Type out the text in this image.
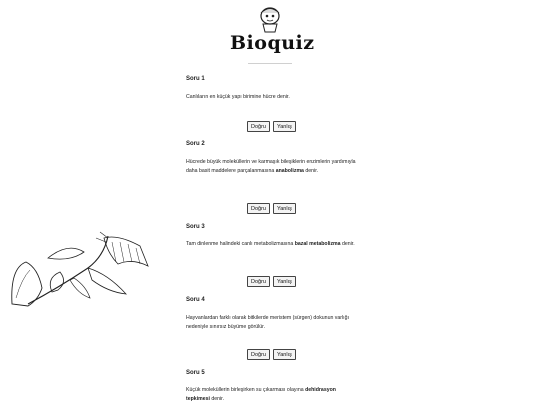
Bioquiz
Soru 1
Canlıların en küçük yapı birimine hücre denir.
Doğru	Yanlış
Soru 2
Hücrede büyük moleküllerin ve karmaşık bileşiklerin enzimlerin yardımıyla daha basit maddelere parçalanmasına anabolizma denir.
Doğru	Yanlış
Soru 3
Tam dinlenme halindeki canlı metabolizmasına bazal metabolizma denir.
Doğru	Yanlış
Soru 4
Hayvanlardan farklı olarak bitkilerde meristem (sürgen) dokunun varlığı nedeniyle sınırsız büyüme görülür.
Doğru	Yanlış
Soru 5
Küçük moleküllerin birleşirken su çıkarması olayına dehidrasyon tepkimesi denir.
